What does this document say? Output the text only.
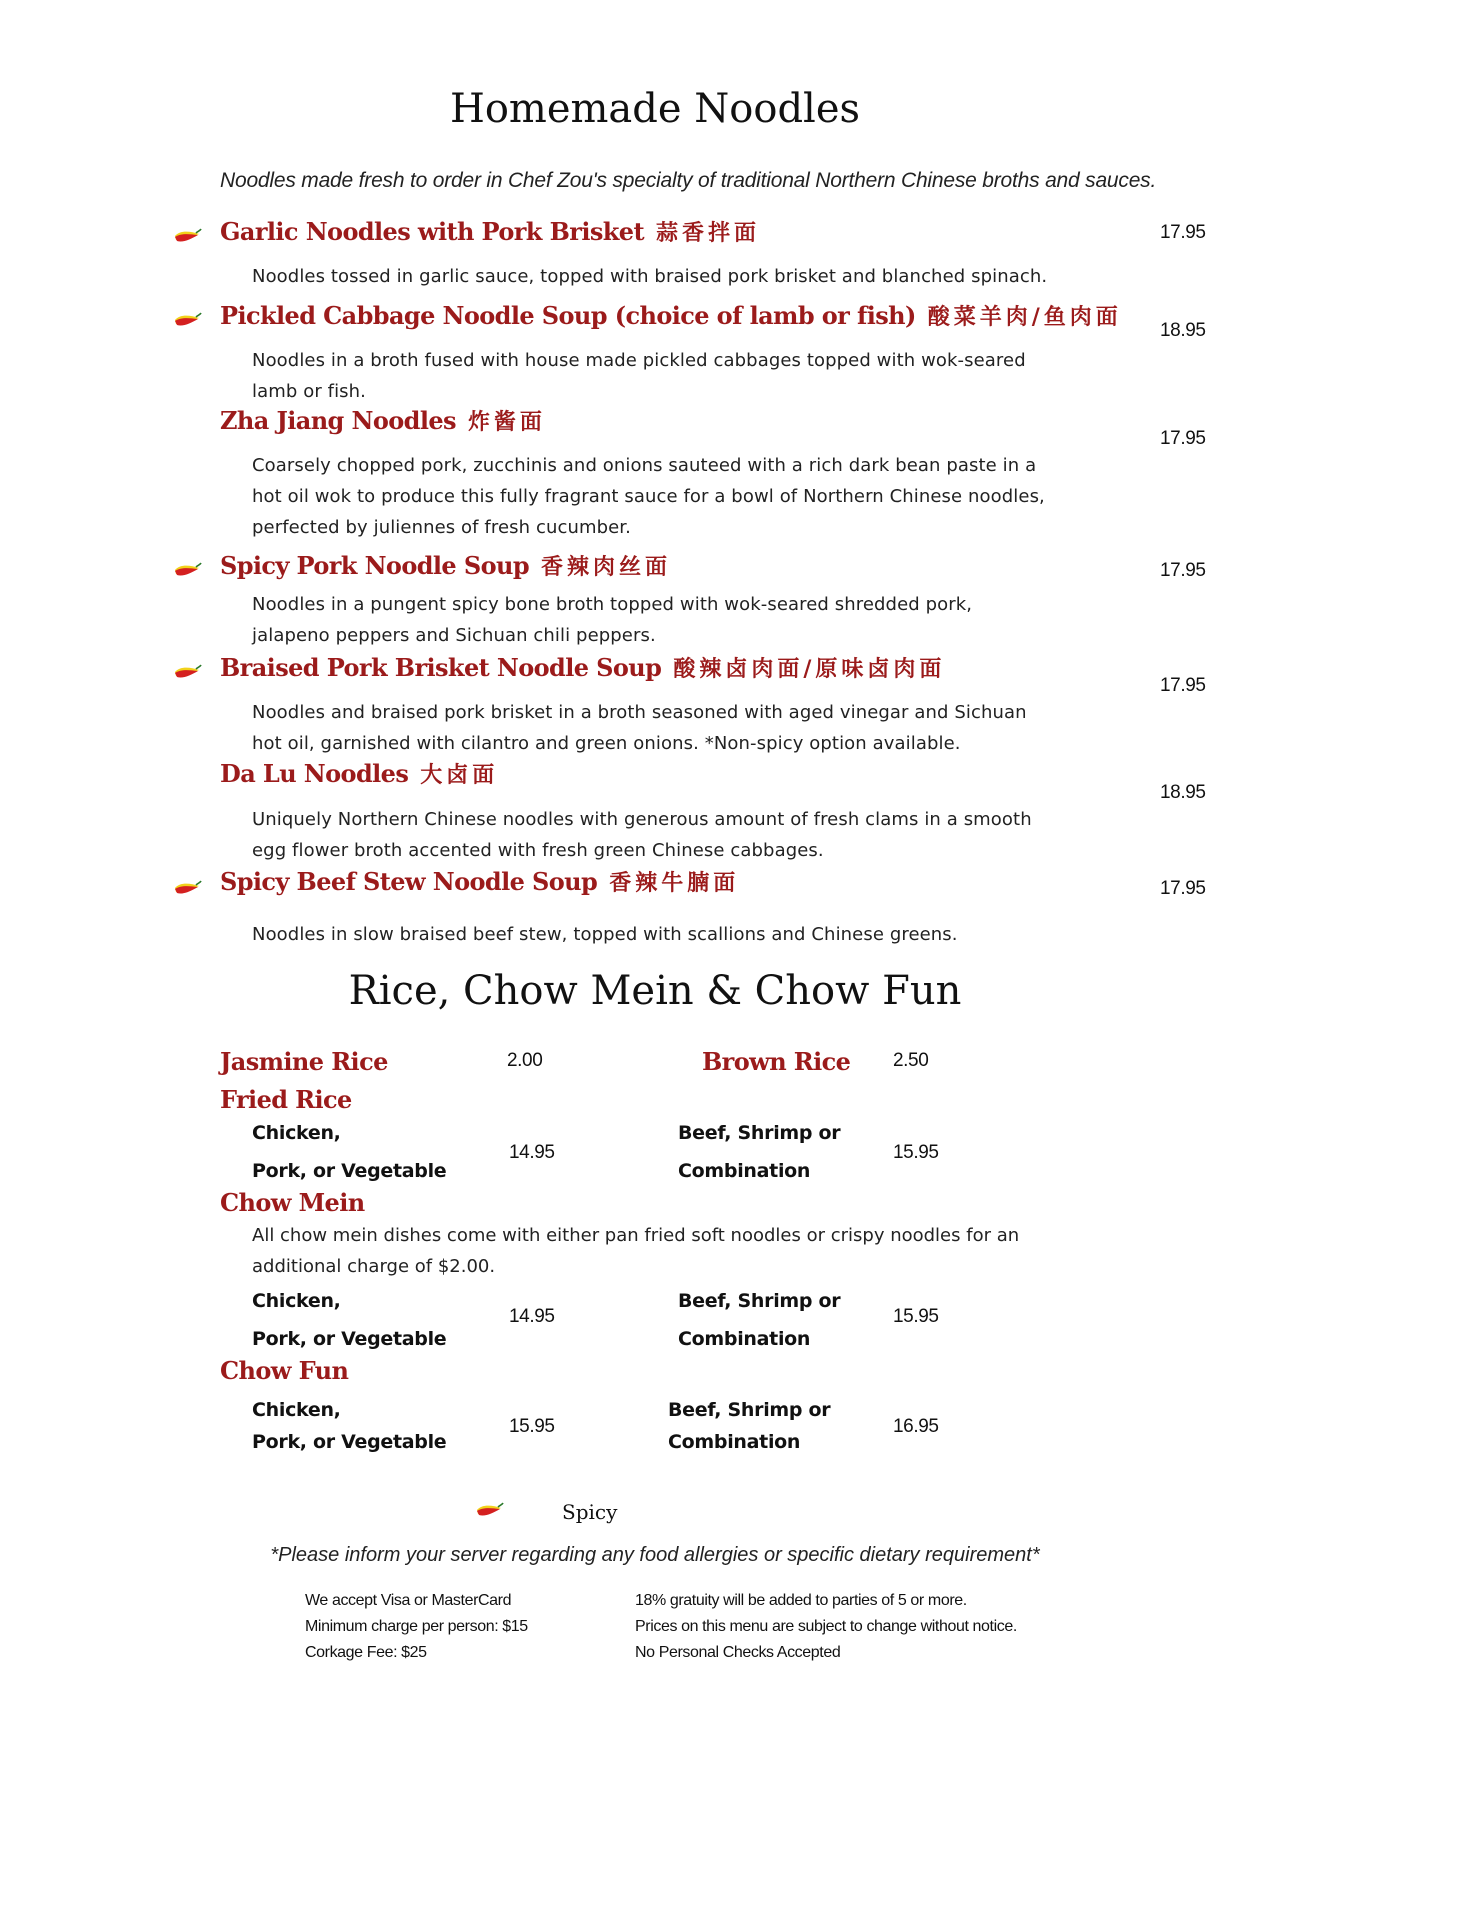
Homemade Noodles
Noodles made fresh to order in Chef Zou's specialty of traditional Northern Chinese broths and sauces.
Garlic Noodles with Pork Brisket 蒜香拌面	17.95
Noodles tossed in garlic sauce, topped with braised pork brisket and blanched spinach.
Pickled Cabbage Noodle Soup (choice of lamb or fish) 酸菜羊肉/鱼肉面
18.95
Noodles in a broth fused with house made pickled cabbages topped with wok-seared lamb or fish.
Zha Jiang Noodles 炸酱面
17.95
Coarsely chopped pork, zucchinis and onions sauteed with a rich dark bean paste in a hot oil wok to produce this fully fragrant sauce for a bowl of Northern Chinese noodles, perfected by juliennes of fresh cucumber.
Spicy Pork Noodle Soup 香辣肉丝面	17.95
Noodles in a pungent spicy bone broth topped with wok-seared shredded pork, jalapeno peppers and Sichuan chili peppers.
Braised Pork Brisket Noodle Soup 酸辣卤肉面/原味卤肉面
17.95
Noodles and braised pork brisket in a broth seasoned with aged vinegar and Sichuan hot oil, garnished with cilantro and green onions. *Non-spicy option available.
Da Lu Noodles 大卤面
18.95
Uniquely Northern Chinese noodles with generous amount of fresh clams in a smooth egg flower broth accented with fresh green Chinese cabbages.
Spicy Beef Stew Noodle Soup 香辣牛腩面	17.95
Noodles in slow braised beef stew, topped with scallions and Chinese greens.
Rice, Chow Mein & Chow Fun
Jasmine Rice	2.00	Brown Rice 2.50
Fried Rice
Chicken,
Pork, or Vegetable
14.95
Beef, Shrimp or
Combination
15.95
Chow Mein
All chow mein dishes come with either pan fried soft noodles or crispy noodles for an additional charge of $2.00.
Chicken,
Pork, or Vegetable
14.95
Beef, Shrimp or
Combination
15.95
Chow Fun
Chicken,
Pork, or Vegetable
15.95
Beef, Shrimp or
Combination
16.95
Spicy
*Please inform your server regarding any food allergies or specific dietary requirement*
We accept Visa or MasterCard
Minimum charge per person: $15
Corkage Fee: $25
18% gratuity will be added to parties of 5 or more.
Prices on this menu are subject to change without notice.
No Personal Checks Accepted
